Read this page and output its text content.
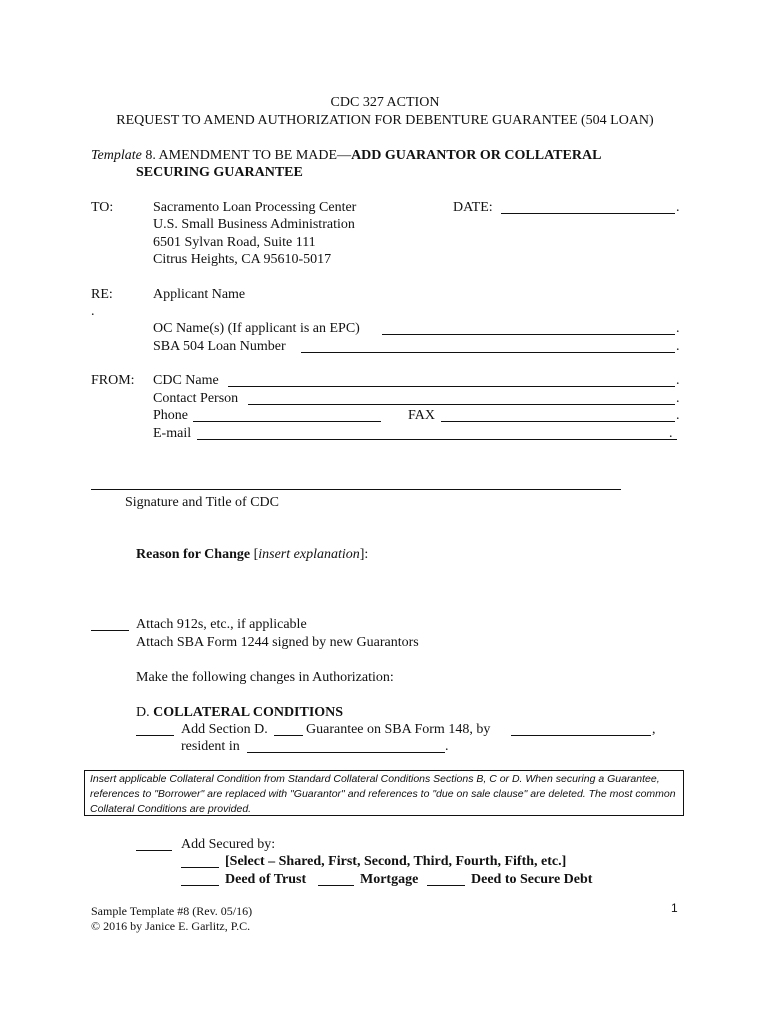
CDC 327 ACTION
REQUEST TO AMEND AUTHORIZATION FOR DEBENTURE GUARANTEE (504 LOAN)
Template 8. AMENDMENT TO BE MADE—ADD GUARANTOR OR COLLATERAL
SECURING GUARANTEE
TO:	Sacramento Loan Processing Center
U.S. Small Business Administration
6501 Sylvan Road, Suite 111
Citrus Heights, CA 95610-5017
DATE:	.
RE:
.
Applicant Name
OC Name(s) (If applicant is an EPC)	.
SBA 504 Loan Number	.
FROM: CDC Name	.
Contact Person	.
Phone	FAX	.
E-mail	.
Signature and Title of CDC
Reason for Change [insert explanation]:
Attach 912s, etc., if applicable
Attach SBA Form 1244 signed by new Guarantors
Make the following changes in Authorization:
D. COLLATERAL CONDITIONS
Add Section D.	Guarantee on SBA Form 148, by	,
resident in	.
Insert applicable Collateral Condition from Standard Collateral Conditions Sections B, C or D. When securing a Guarantee, references to "Borrower" are replaced with "Guarantor" and references to "due on sale clause" are deleted. The most common Collateral Conditions are provided.
Add Secured by:
[Select – Shared, First, Second, Third, Fourth, Fifth, etc.]
Deed of Trust	Mortgage	Deed to Secure Debt
Sample Template #8 (Rev. 05/16)
© 2016 by Janice E. Garlitz, P.C.
1
